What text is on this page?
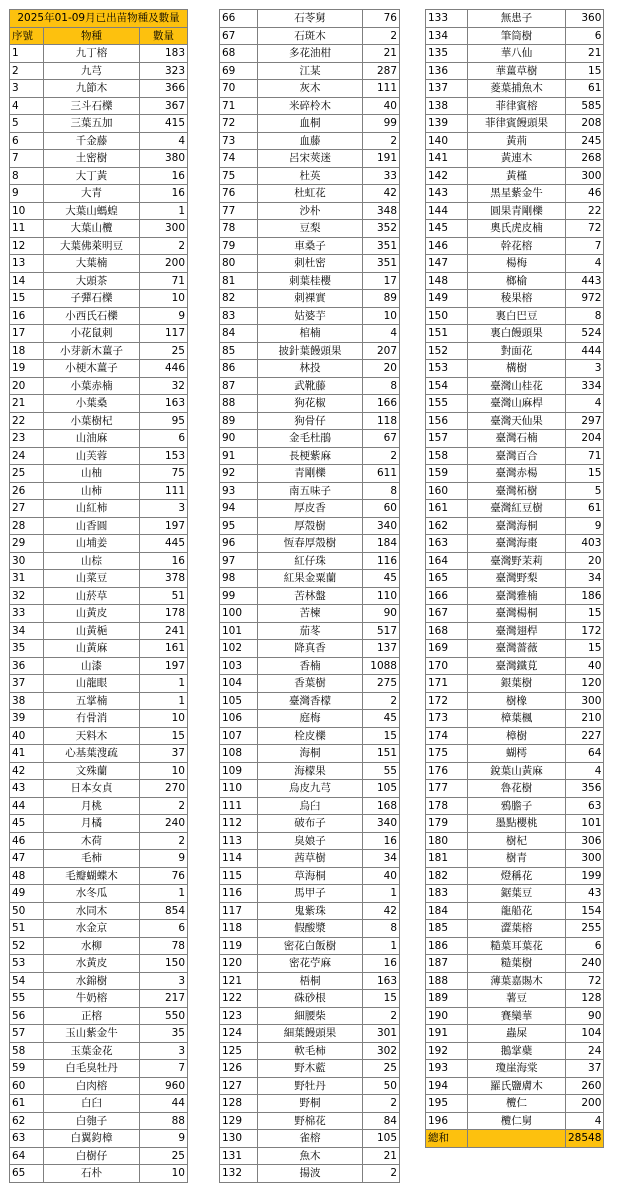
2025年01-09月已出苗物種及數量		
序號	物種	數量
1	九丁榕	183
2	九芎	323
3	九節木	366
4	三斗石櫟	367
5	三葉五加	415
6	千金藤	4
7	土密樹	380
8	大丁黃	16
9	大青	16
10	大葉山螞蝗	1
11	大葉山欖	300
12	大葉佛萊明豆	2
13	大葉楠	200
14	大頭茶	71
15	子彈石櫟	10
16	小西氏石櫟	9
17	小花鼠刺	117
18	小芽新木薑子	25
19	小梗木薑子	446
20	小葉赤楠	32
21	小葉桑	163
22	小葉樹杞	95
23	山油麻	6
24	山芙蓉	153
25	山柚	75
26	山柿	111
27	山紅柿	3
28	山香圓	197
29	山埔姜	445
30	山棕	16
31	山菜豆	378
32	山菸草	51
33	山黃皮	178
34	山黃梔	241
35	山黃麻	161
36	山漆	197
37	山龍眼	1
38	五掌楠	1
39	冇骨消	10
40	天料木	15
41	心基葉溲疏	37
42	文殊蘭	10
43	日本女貞	270
44	月桃	2
45	月橘	240
46	木荷	2
47	毛柿	9
48	毛瓣蝴蝶木	76
49	水冬瓜	1
50	水同木	854
51	水金京	6
52	水柳	78
53	水黃皮	150
54	水錦樹	3
55	牛奶榕	217
56	正榕	550
57	玉山紫金牛	35
58	玉葉金花	3
59	白毛臭牡丹	7
60	白肉榕	960
61	白臼	44
62	白匏子	88
63	白翼鈞樟	9
64	白樹仔	25
65	石朴	10
66	石苓舅	76
67	石斑木	2
68	多花油柑	21
69	江某	287
70	灰木	111
71	米碎柃木	40
72	血桐	99
73	血藤	2
74	呂宋莢迷	191
75	杜英	33
76	杜虹花	42
77	沙朴	348
78	豆梨	352
79	車桑子	351
80	刺杜密	351
81	刺葉桂櫻	17
82	刺裸實	89
83	姑婆芋	10
84	棺楠	4
85	披針葉饅頭果	207
86	林投	20
87	武靴藤	8
88	狗花椒	166
89	狗骨仔	118
90	金毛杜鵑	67
91	長梗紫麻	2
92	青剛櫟	611
93	南五味子	8
94	厚皮香	60
95	厚殼樹	340
96	恆春厚殼樹	184
97	紅仔珠	116
98	紅果金粟蘭	45
99	苦林盤	110
100	苦楝	90
101	茄苳	517
102	降真香	137
103	香楠	1088
104	香葉樹	275
105	臺灣香檬	2
106	庭梅	45
107	栓皮櫟	15
108	海桐	151
109	海檬果	55
110	烏皮九芎	105
111	烏臼	168
112	破布子	340
113	臭娘子	16
114	茜草樹	34
115	草海桐	40
116	馬甲子	1
117	鬼紫珠	42
118	假酸漿	8
119	密花白飯樹	1
120	密花苧麻	16
121	梧桐	163
122	硃砂根	15
123	細腰柴	2
124	細葉饅頭果	301
125	軟毛柿	302
126	野木藍	25
127	野牡丹	50
128	野桐	2
129	野棉花	84
130	雀榕	105
131	魚木	21
132	揚波	2
133	無患子	360
134	筆筒樹	6
135	華八仙	21
136	華薑草樹	15
137	菱葉捕魚木	61
138	菲律賓榕	585
139	菲律賓饅頭果	208
140	黃荊	245
141	黃連木	268
142	黃槿	300
143	黑星紫金牛	46
144	圓果青剛櫟	22
145	奧氏虎皮楠	72
146	幹花榕	7
147	楊梅	4
148	榔榆	443
149	稜果榕	972
150	裏白巴豆	8
151	裏白饅頭果	524
152	對面花	444
153	構樹	3
154	臺灣山桂花	334
155	臺灣山麻桿	4
156	臺灣天仙果	297
157	臺灣石楠	204
158	臺灣百合	71
159	臺灣赤楊	15
160	臺灣柘樹	5
161	臺灣紅豆樹	61
162	臺灣海桐	9
163	臺灣海棗	403
164	臺灣野茉莉	20
165	臺灣野梨	34
166	臺灣雅楠	186
167	臺灣楊桐	15
168	臺灣翅桿	172
169	臺灣薔薇	15
170	臺灣鐵莧	40
171	銀葉樹	120
172	樹橡	300
173	樟葉楓	210
174	樟樹	227
175	蝴樗	64
176	銳葉山黃麻	4
177	魯花樹	356
178	鴉膽子	63
179	墨點櫻桃	101
180	樹杞	306
181	樹青	300
182	燈稱花	199
183	鋸葉豆	43
184	龍船花	154
185	澀葉榕	255
186	糙葉耳葉花	6
187	糙葉樹	240
188	薄葉嘉賜木	72
189	薯豆	128
190	賽欒華	90
191	蟲屎	104
192	鵝掌蘗	24
193	瓊崖海棠	37
194	羅氏鹽膚木	260
195	欖仁	200
196	欖仁舅	4
總和		28548
